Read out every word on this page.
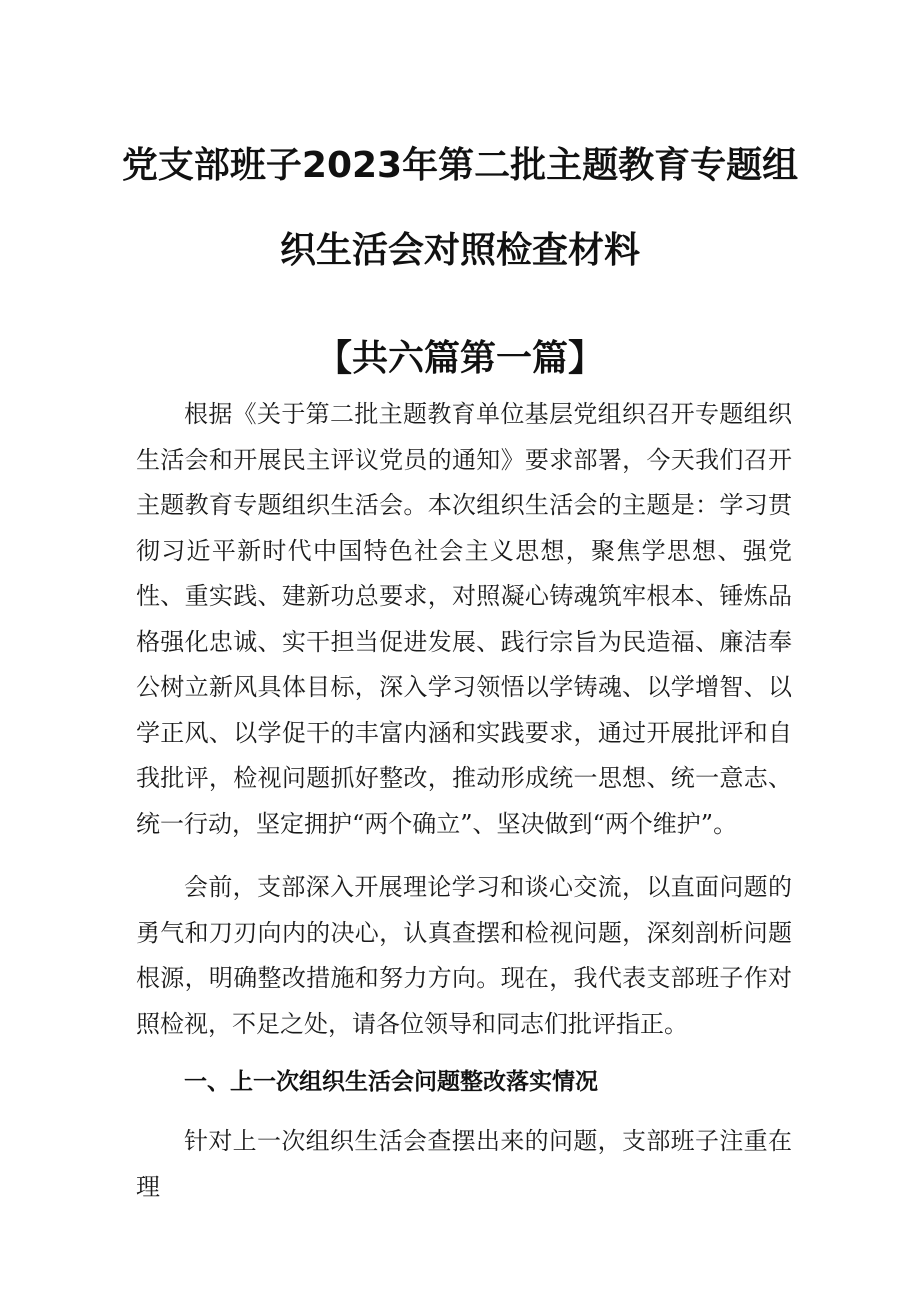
党支部班子2023年第二批主题教育专题组
织生活会对照检查材料
【共六篇第一篇】

根据《关于第二批主题教育单位基层党组织召开专题组织生活会和开展民主评议党员的通知》要求部署，今天我们召开主题教育专题组织生活会。本次组织生活会的主题是：学习贯彻习近平新时代中国特色社会主义思想，聚焦学思想、强党性、重实践、建新功总要求，对照凝心铸魂筑牢根本、锤炼品格强化忠诚、实干担当促进发展、践行宗旨为民造福、廉洁奉公树立新风具体目标，深入学习领悟以学铸魂、以学增智、以学正风、以学促干的丰富内涵和实践要求，通过开展批评和自我批评，检视问题抓好整改，推动形成统一思想、统一意志、统一行动，坚定拥护“两个确立”、坚决做到“两个维护”。

会前，支部深入开展理论学习和谈心交流，以直面问题的勇气和刀刃向内的决心，认真查摆和检视问题，深刻剖析问题根源，明确整改措施和努力方向。现在，我代表支部班子作对照检视，不足之处，请各位领导和同志们批评指正。

一、上一次组织生活会问题整改落实情况

针对上一次组织生活会查摆出来的问题，支部班子注重在理
